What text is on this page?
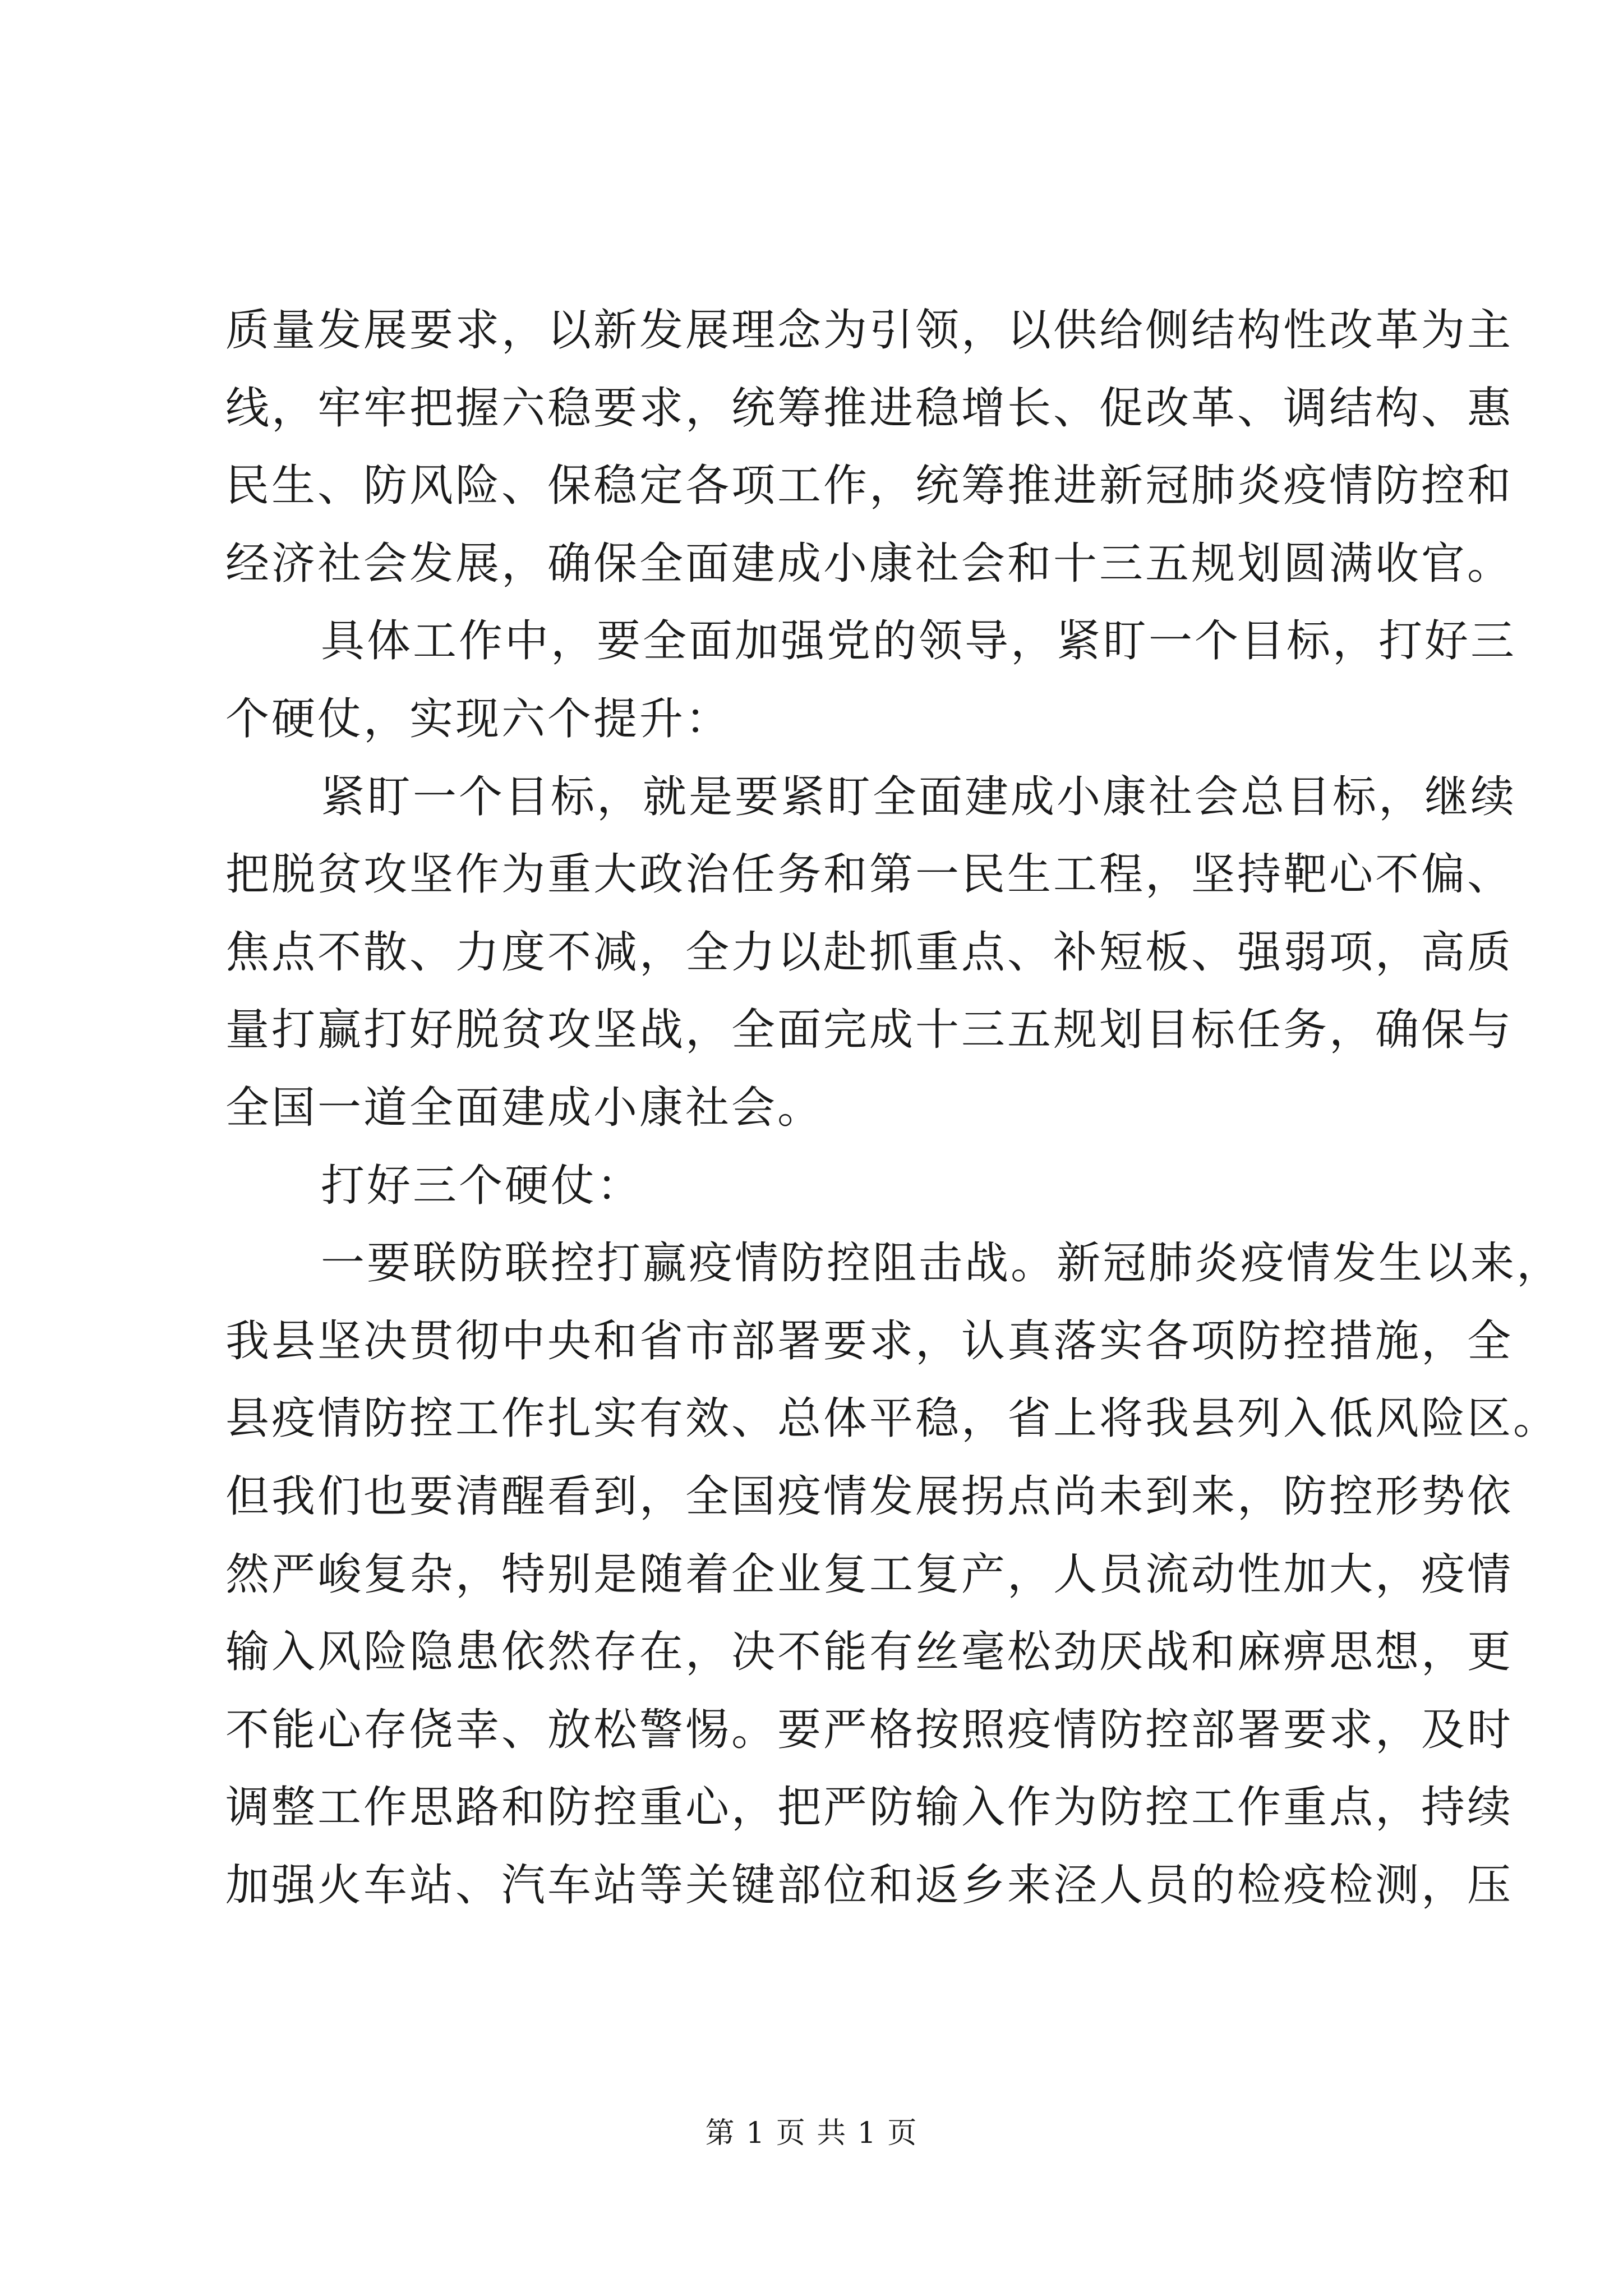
质量发展要求，以新发展理念为引领，以供给侧结构性改革为主
线，牢牢把握六稳要求，统筹推进稳增长、促改革、调结构、惠
民生、防风险、保稳定各项工作，统筹推进新冠肺炎疫情防控和
经济社会发展，确保全面建成小康社会和十三五规划圆满收官。
具体工作中，要全面加强党的领导，紧盯一个目标，打好三
个硬仗，实现六个提升：
紧盯一个目标，就是要紧盯全面建成小康社会总目标，继续
把脱贫攻坚作为重大政治任务和第一民生工程，坚持靶心不偏、
焦点不散、力度不减，全力以赴抓重点、补短板、强弱项，高质
量打赢打好脱贫攻坚战，全面完成十三五规划目标任务，确保与
全国一道全面建成小康社会。
打好三个硬仗：
一要联防联控打赢疫情防控阻击战。新冠肺炎疫情发生以来，
我县坚决贯彻中央和省市部署要求，认真落实各项防控措施，全
县疫情防控工作扎实有效、总体平稳，省上将我县列入低风险区。
但我们也要清醒看到，全国疫情发展拐点尚未到来，防控形势依
然严峻复杂，特别是随着企业复工复产，人员流动性加大，疫情
输入风险隐患依然存在，决不能有丝毫松劲厌战和麻痹思想，更
不能心存侥幸、放松警惕。要严格按照疫情防控部署要求，及时
调整工作思路和防控重心，把严防输入作为防控工作重点，持续
加强火车站、汽车站等关键部位和返乡来泾人员的检疫检测，压
第 1 页 共 1 页
